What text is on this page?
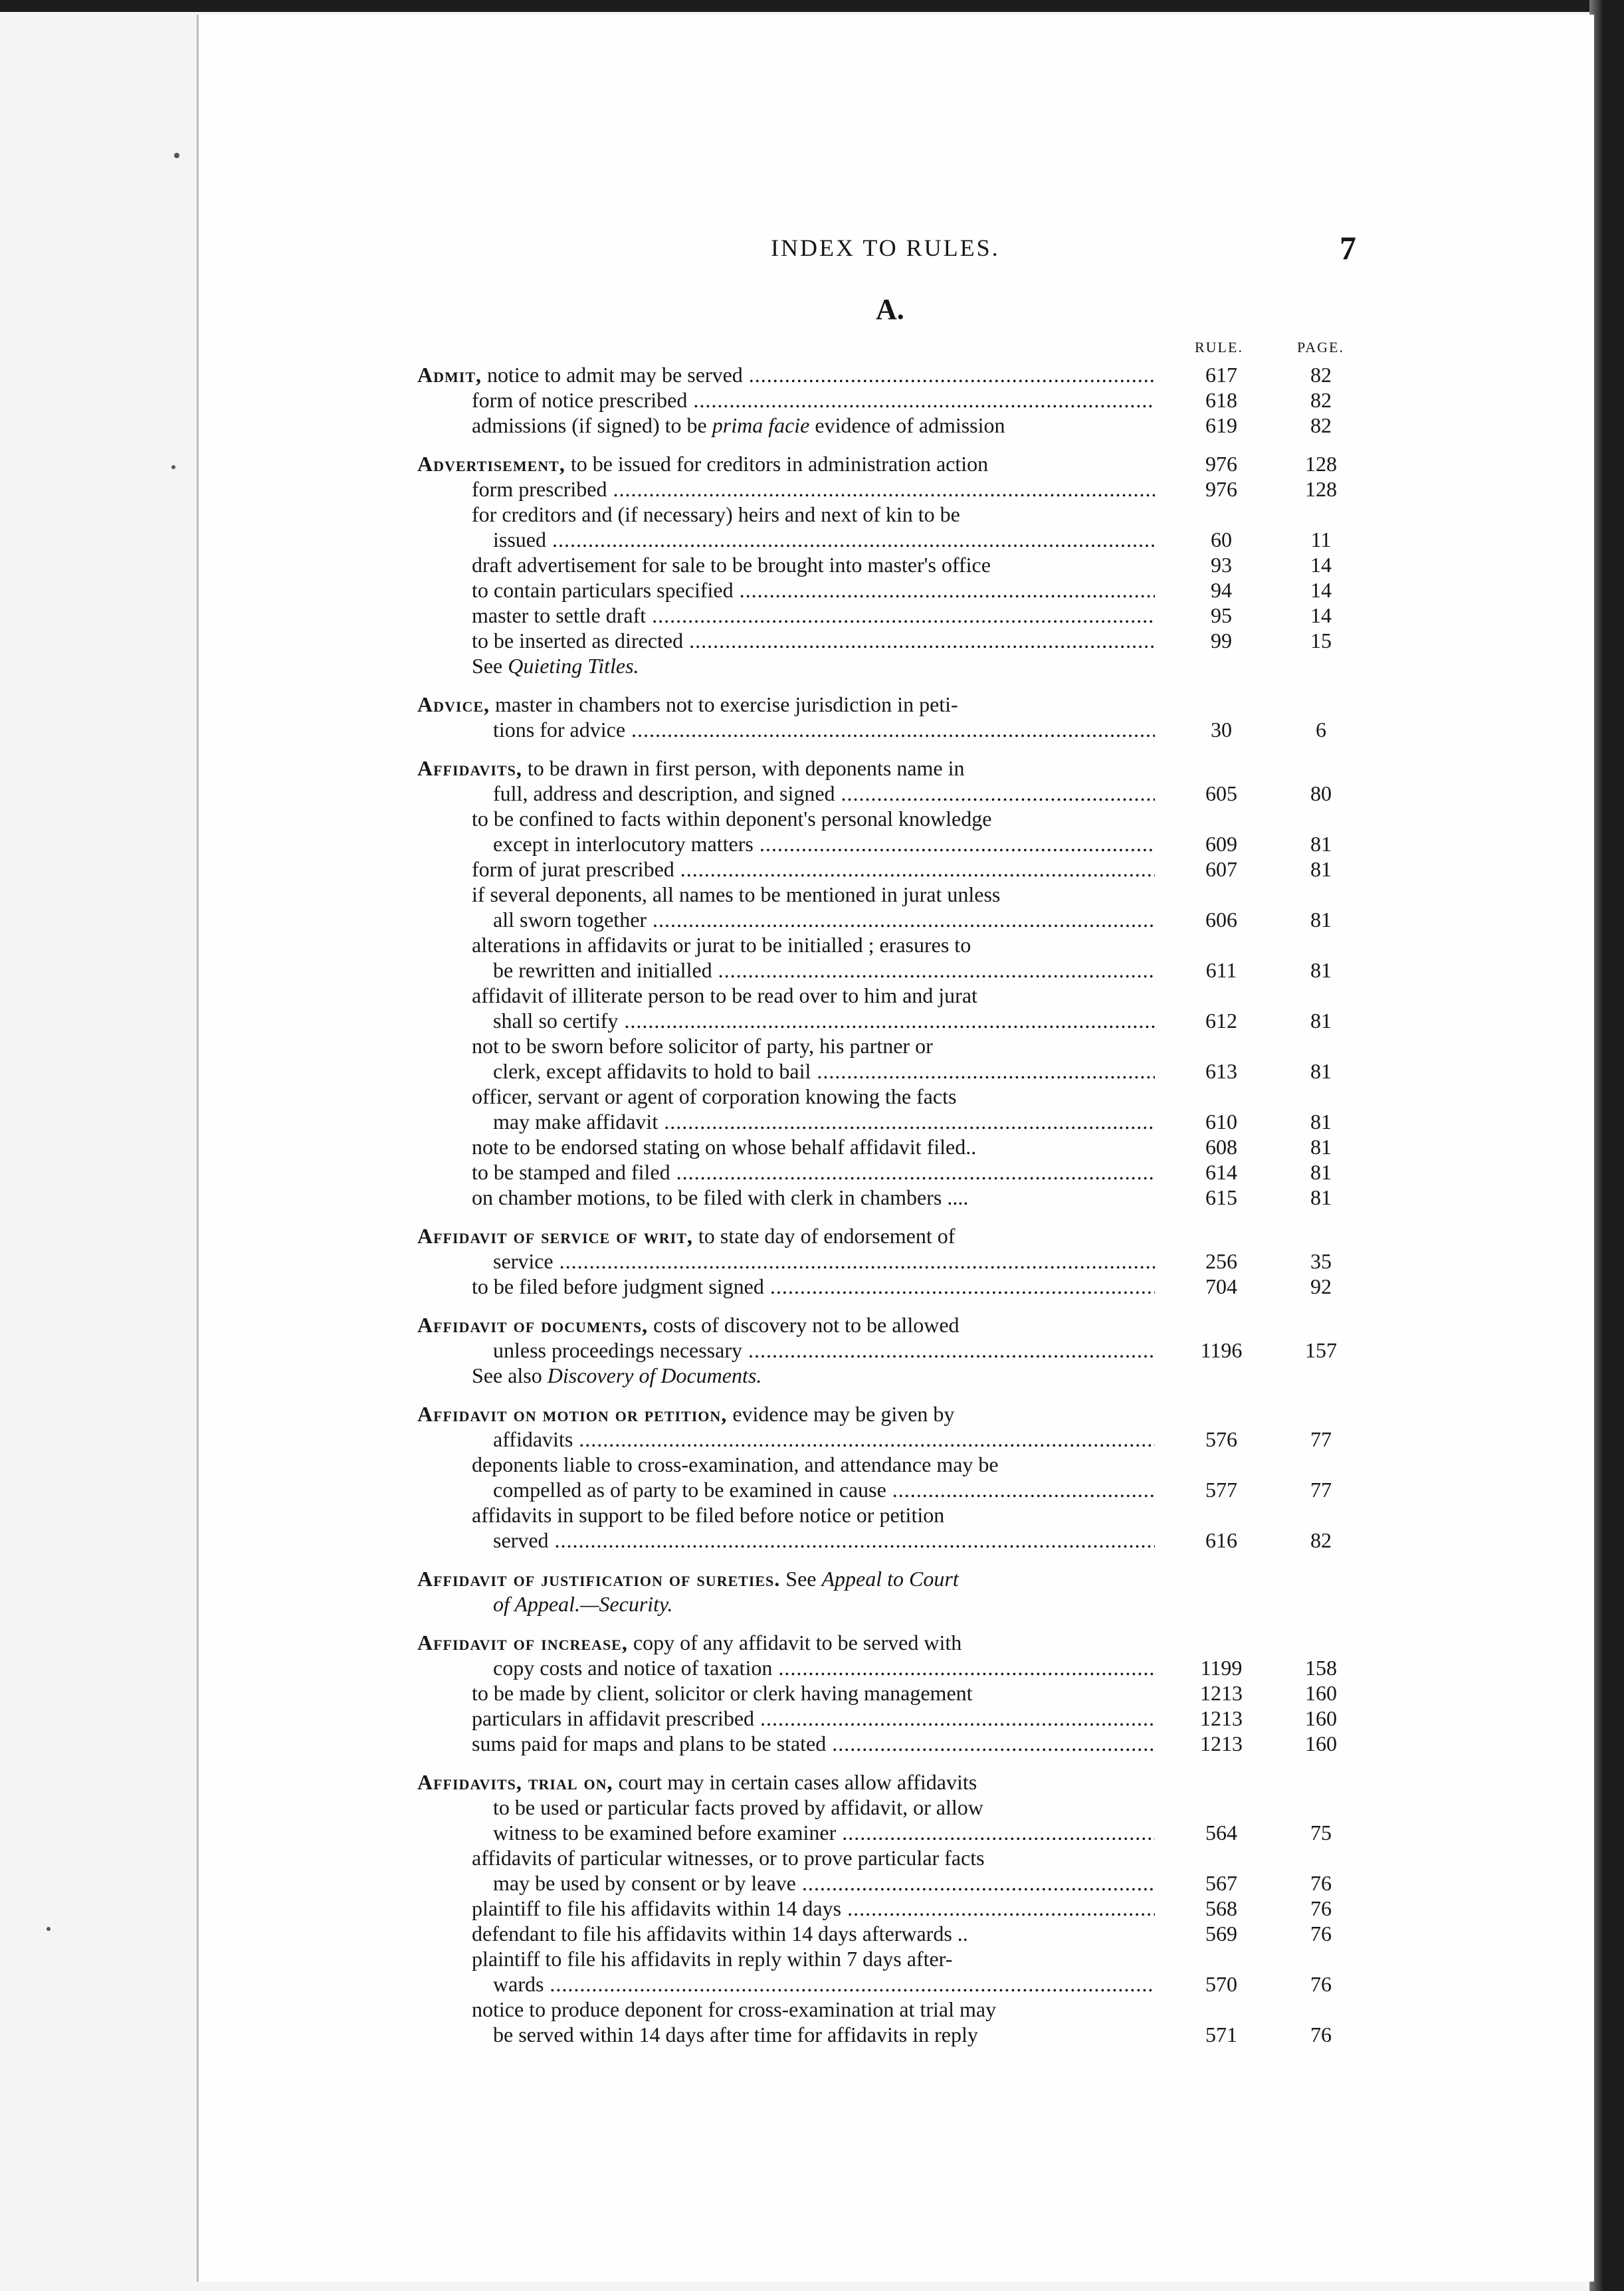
INDEX TO RULES.	7
A.
RULE.	PAGE.
Admit, notice to admit may be served .....	617	82
form of notice prescribed .....	618	82
admissions (if signed) to be prima facie evidence of admission	619	82
Advertisement, to be issued for creditors in administration action	976	128
form prescribed .....	976	128
for creditors and (if necessary) heirs and next of kin to be
issued .....	60	11
draft advertisement for sale to be brought into master's office	93	14
to contain particulars specified .....	94	14
master to settle draft .....	95	14
to be inserted as directed .....	99	15
See Quieting Titles.
Advice, master in chambers not to exercise jurisdiction in peti-
tions for advice .....	30	6
Affidavits, to be drawn in first person, with deponents name in
full, address and description, and signed .....	605	80
to be confined to facts within deponent's personal knowledge
except in interlocutory matters .....	609	81
form of jurat prescribed .....	607	81
if several deponents, all names to be mentioned in jurat unless
all sworn together .....	606	81
alterations in affidavits or jurat to be initialled ; erasures to
be rewritten and initialled .....	611	81
affidavit of illiterate person to be read over to him and jurat
shall so certify .....	612	81
not to be sworn before solicitor of party, his partner or
clerk, except affidavits to hold to bail .....	613	81
officer, servant or agent of corporation knowing the facts
may make affidavit .....	610	81
note to be endorsed stating on whose behalf affidavit filed..	608	81
to be stamped and filed .....	614	81
on chamber motions, to be filed with clerk in chambers ....	615	81
Affidavit of service of writ, to state day of endorsement of
service .....	256	35
to be filed before judgment signed .....	704	92
Affidavit of documents, costs of discovery not to be allowed
unless proceedings necessary .....	1196	157
See also Discovery of Documents.
Affidavit on motion or petition, evidence may be given by
affidavits .....	576	77
deponents liable to cross-examination, and attendance may be
compelled as of party to be examined in cause .....	577	77
affidavits in support to be filed before notice or petition
served .....	616	82
Affidavit of justification of sureties. See Appeal to Court
of Appeal.—Security.
Affidavit of increase, copy of any affidavit to be served with
copy costs and notice of taxation .....	1199	158
to be made by client, solicitor or clerk having management	1213	160
particulars in affidavit prescribed .....	1213	160
sums paid for maps and plans to be stated .....	1213	160
Affidavits, trial on, court may in certain cases allow affidavits
to be used or particular facts proved by affidavit, or allow
witness to be examined before examiner .....	564	75
affidavits of particular witnesses, or to prove particular facts
may be used by consent or by leave .....	567	76
plaintiff to file his affidavits within 14 days .....	568	76
defendant to file his affidavits within 14 days afterwards ..	569	76
plaintiff to file his affidavits in reply within 7 days after-
wards .....	570	76
notice to produce deponent for cross-examination at trial may
be served within 14 days after time for affidavits in reply	571	76
